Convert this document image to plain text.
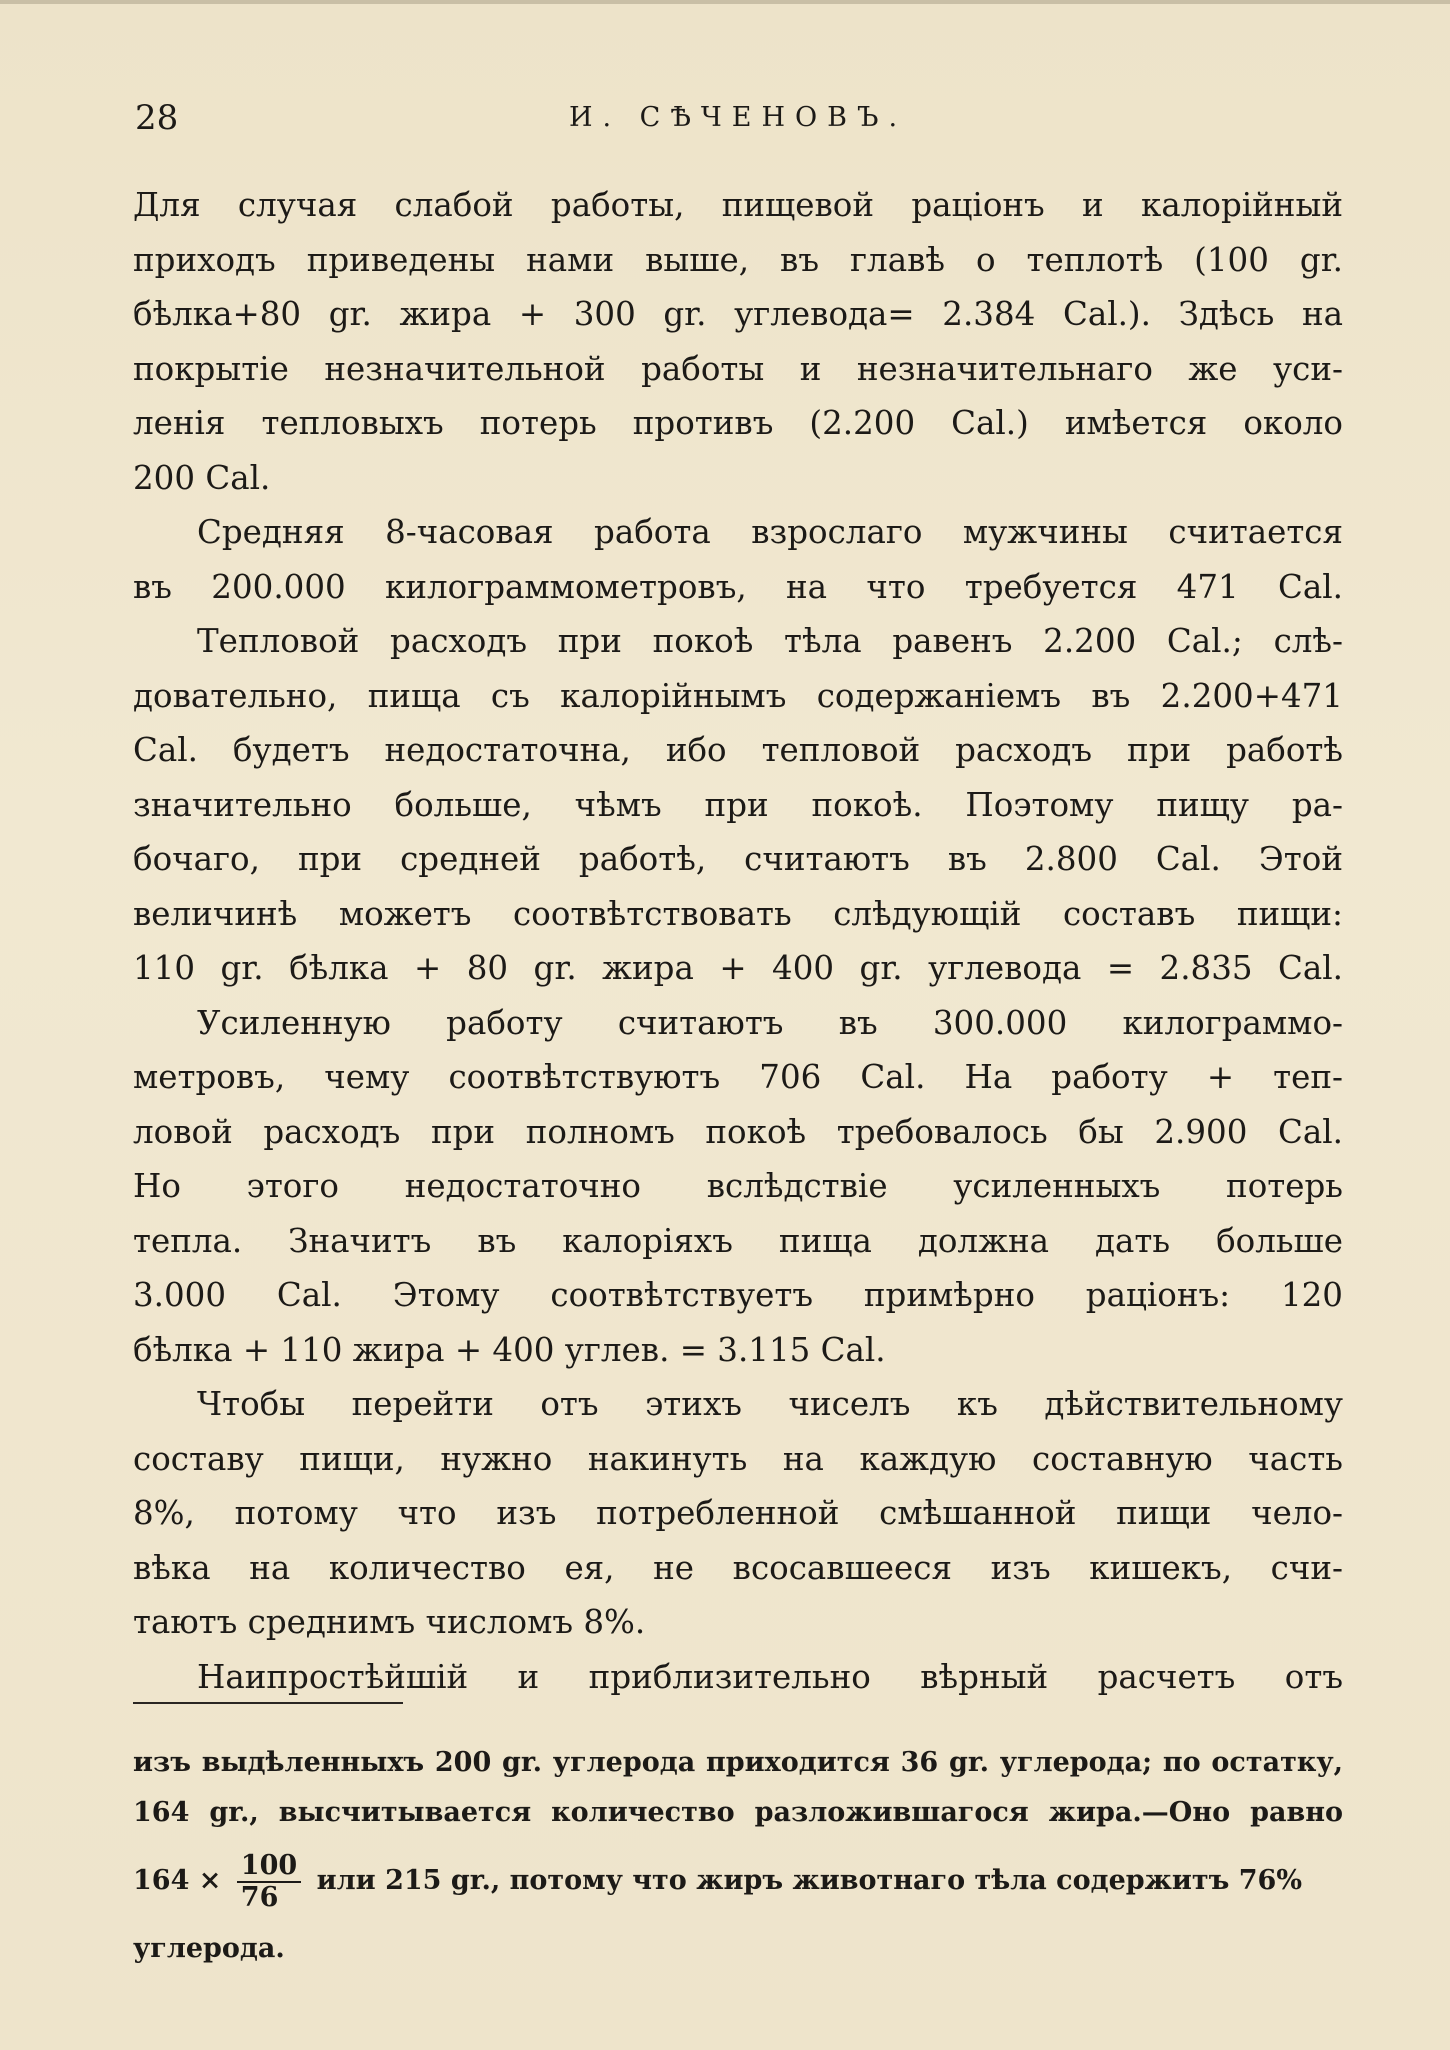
28	И. СѢЧЕНОВЪ.

Для случая слабой работы, пищевой раціонъ и калорійный

приходъ приведены нами выше, въ главѣ о теплотѣ (100 gr.

бѣлка+80 gr. жира + 300 gr. углевода= 2.384 Cal.). Здѣсь на

покрытіе незначительной работы и незначительнаго же уси-

ленія тепловыхъ потерь противъ (2.200 Cal.) имѣется около

200 Cal.

Средняя 8-часовая работа взрослаго мужчины считается

въ 200.000 килограммометровъ, на что требуется 471 Cal.

Тепловой расходъ при покоѣ тѣла равенъ 2.200 Cal.; слѣ-

довательно, пища съ калорійнымъ содержаніемъ въ 2.200+471

Cal. будетъ недостаточна, ибо тепловой расходъ при работѣ

значительно больше, чѣмъ при покоѣ. Поэтому пищу ра-

бочаго, при средней работѣ, считаютъ въ 2.800 Cal. Этой

величинѣ можетъ соотвѣтствовать слѣдующій составъ пищи:

110 gr. бѣлка + 80 gr. жира + 400 gr. углевода = 2.835 Cal.

Усиленную работу считаютъ въ 300.000 килограммо-

метровъ, чему соотвѣтствуютъ 706 Cal. На работу + теп-

ловой расходъ при полномъ покоѣ требовалось бы 2.900 Cal.

Но этого недостаточно вслѣдствіе усиленныхъ потерь

тепла. Значитъ въ калоріяхъ пища должна дать больше

3.000 Cal. Этому соотвѣтствуетъ примѣрно раціонъ: 120

бѣлка + 110 жира + 400 углев. = 3.115 Cal.

Чтобы перейти отъ этихъ чиселъ къ дѣйствительному

составу пищи, нужно накинуть на каждую составную часть

8%, потому что изъ потребленной смѣшанной пищи чело-

вѣка на количество ея, не всосавшееся изъ кишекъ, счи-

таютъ среднимъ числомъ 8%.

Наипростѣйшій и приблизительно вѣрный расчетъ отъ

изъ выдѣленныхъ 200 gr. углерода приходится 36 gr. углерода; по остатку,

164 gr., высчитывается количество разложившагося жира.—Оно равно

$164 \times \frac{100}{76}$ или 215 gr., потому что жиръ животнаго тѣла содержитъ 76%

углерода.
